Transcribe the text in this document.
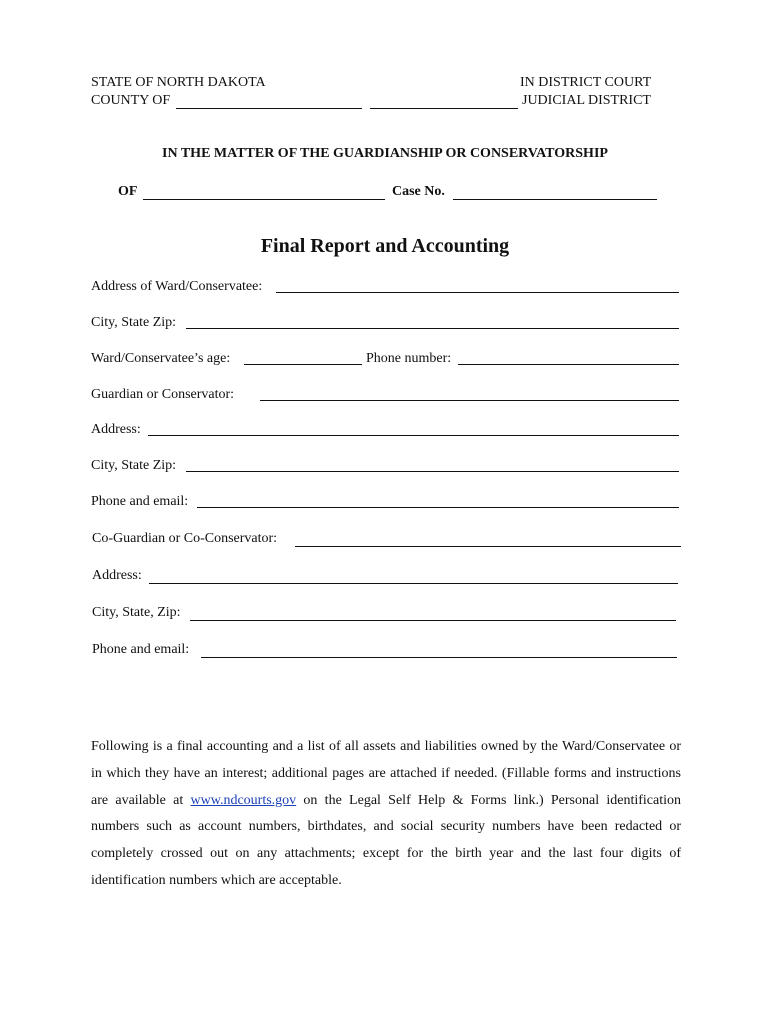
STATE OF NORTH DAKOTA
COUNTY OF
IN DISTRICT COURT
JUDICIAL DISTRICT
IN THE MATTER OF THE GUARDIANSHIP OR CONSERVATORSHIP
OF	Case No.
Final Report and Accounting
Address of Ward/Conservatee:
City, State Zip:
Ward/Conservatee’s age:	Phone number:
Guardian or Conservator:
Address:
City, State Zip:
Phone and email:
Co-Guardian or Co-Conservator:
Address:
City, State, Zip:
Phone and email:
Following is a final accounting and a list of all assets and liabilities owned by the Ward/Conservatee or in which they have an interest; additional pages are attached if needed. (Fillable forms and instructions are available at www.ndcourts.gov on the Legal Self Help & Forms link.) Personal identification numbers such as account numbers, birthdates, and social security numbers have been redacted or completely crossed out on any attachments; except for the birth year and the last four digits of identification numbers which are acceptable.
